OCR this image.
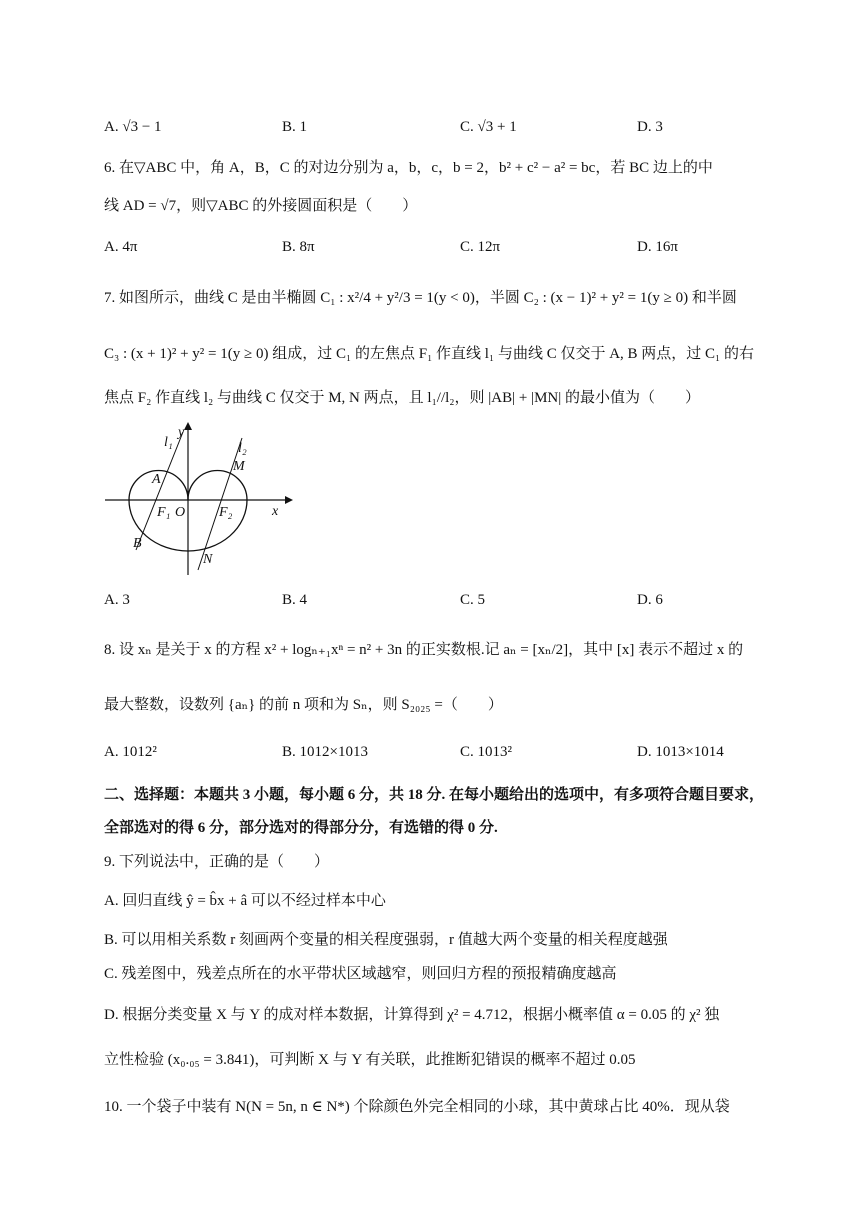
A. √3 − 1	B. 1	C. √3 + 1	D. 3
6. 在▽ABC 中，角 A，B，C 的对边分别为 a，b，c，b = 2，b² + c² − a² = bc，若 BC 边上的中
线 AD = √7，则▽ABC 的外接圆面积是（　　）
A. 4π	B. 8π	C. 12π	D. 16π
7. 如图所示，曲线 C 是由半椭圆 C₁ : x²/4 + y²/3 = 1(y < 0)，半圆 C₂ : (x − 1)² + y² = 1(y ≥ 0) 和半圆
C₃ : (x + 1)² + y² = 1(y ≥ 0) 组成，过 C₁ 的左焦点 F₁ 作直线 l₁ 与曲线 C 仅交于 A, B 两点，过 C₁ 的右
焦点 F₂ 作直线 l₂ 与曲线 C 仅交于 M, N 两点，且 l₁//l₂，则 |AB| + |MN| 的最小值为（　　）
y
x
O
l₁	l₂
A
B
M
N
F₁	F₂
A. 3	B. 4	C. 5	D. 6
8. 设 xₙ 是关于 x 的方程 x² + logₙ₊₁xⁿ = n² + 3n 的正实数根.记 aₙ = [xₙ/2]，其中 [x] 表示不超过 x 的
最大整数，设数列 {aₙ} 的前 n 项和为 Sₙ，则 S₂₀₂₅ =（　　）
A. 1012²	B. 1012×1013	C. 1013²	D. 1013×1014
二、选择题：本题共 3 小题，每小题 6 分，共 18 分. 在每小题给出的选项中，有多项符合题目要求，
全部选对的得 6 分，部分选对的得部分分，有选错的得 0 分.
9. 下列说法中，正确的是（　　）
A. 回归直线 ŷ = b̂x + â 可以不经过样本中心
B. 可以用相关系数 r 刻画两个变量的相关程度强弱，r 值越大两个变量的相关程度越强
C. 残差图中，残差点所在的水平带状区域越窄，则回归方程的预报精确度越高
D. 根据分类变量 X 与 Y 的成对样本数据，计算得到 χ² = 4.712，根据小概率值 α = 0.05 的 χ² 独
立性检验 (x₀.₀₅ = 3.841)，可判断 X 与 Y 有关联，此推断犯错误的概率不超过 0.05
10. 一个袋子中装有 N(N = 5n, n ∈ N*) 个除颜色外完全相同的小球，其中黄球占比 40%．现从袋
